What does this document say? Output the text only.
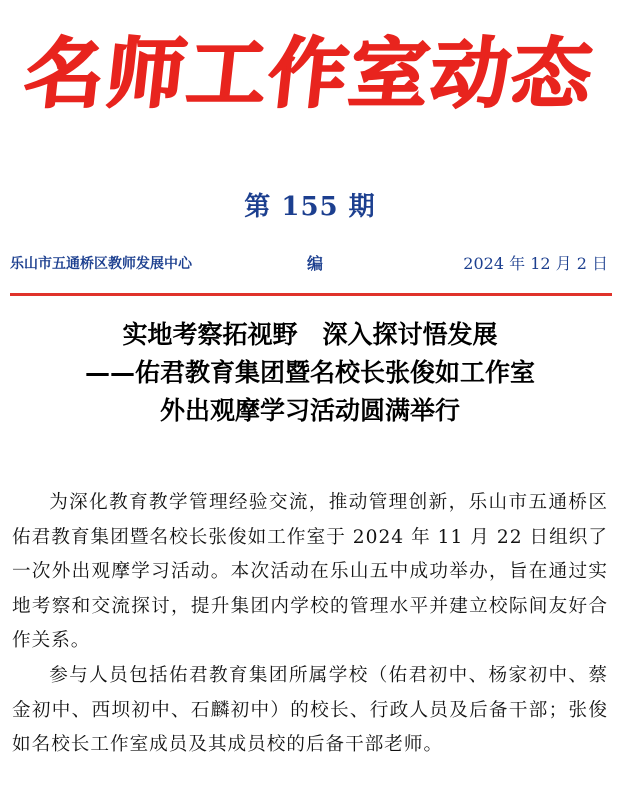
名师工作室动态
第 155 期
乐山市五通桥区教师发展中心	编	2024 年 12 月 2 日
实地考察拓视野　深入探讨悟发展
——佑君教育集团暨名校长张俊如工作室
外出观摩学习活动圆满举行

为深化教育教学管理经验交流，推动管理创新，乐山市五通桥区佑君教育集团暨名校长张俊如工作室于 2024 年 11 月 22 日组织了一次外出观摩学习活动。本次活动在乐山五中成功举办，旨在通过实地考察和交流探讨，提升集团内学校的管理水平并建立校际间友好合作关系。

参与人员包括佑君教育集团所属学校（佑君初中、杨家初中、蔡金初中、西坝初中、石麟初中）的校长、行政人员及后备干部；张俊如名校长工作室成员及其成员校的后备干部老师。
